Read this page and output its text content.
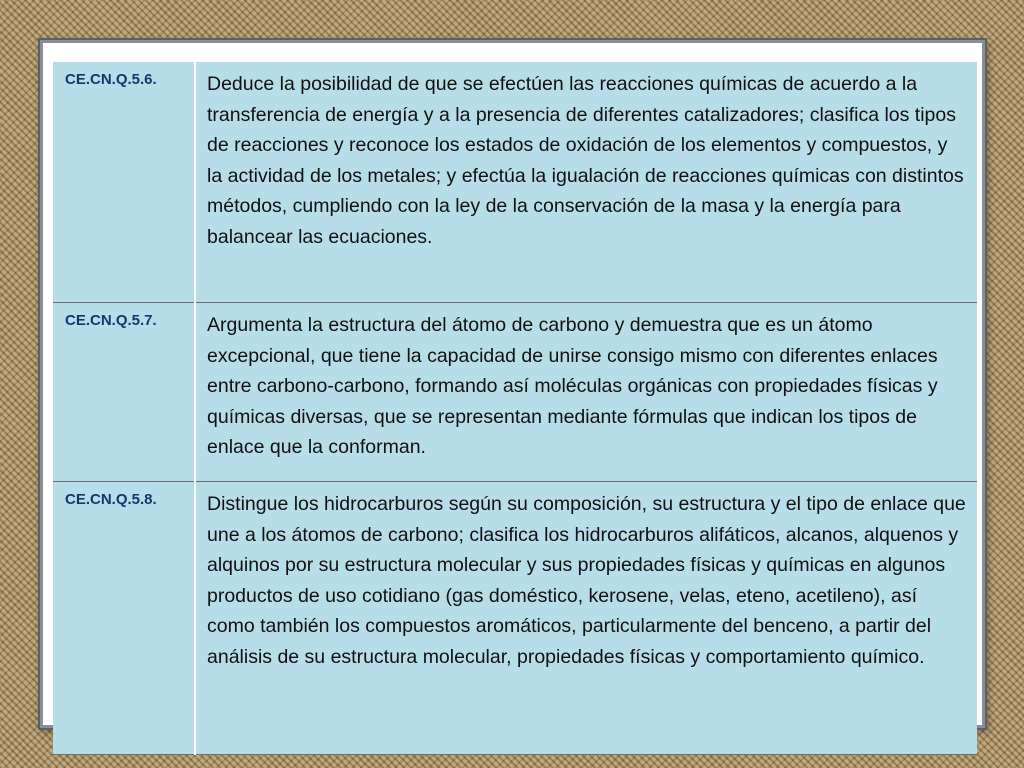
CE.CN.Q.5.6.	Deduce la posibilidad de que se efectúen las reacciones químicas de acuerdo a la transferencia de energía y a la presencia de diferentes catalizadores; clasifica los tipos de reacciones y reconoce los estados de oxidación de los elementos y compuestos, y la actividad de los metales; y efectúa la igualación de reacciones químicas con distintos métodos, cumpliendo con la ley de la conservación de la masa y la energía para balancear las ecuaciones.
CE.CN.Q.5.7.	Argumenta la estructura del átomo de carbono y demuestra que es un átomo excepcional, que tiene la capacidad de unirse consigo mismo con diferentes enlaces entre carbono-carbono, formando así moléculas orgánicas con propiedades físicas y químicas diversas, que se representan mediante fórmulas que indican los tipos de enlace que la conforman.
CE.CN.Q.5.8.	Distingue los hidrocarburos según su composición, su estructura y el tipo de enlace que une a los átomos de carbono; clasifica los hidrocarburos alifáticos, alcanos, alquenos y alquinos por su estructura molecular y sus propiedades físicas y químicas en algunos productos de uso cotidiano (gas doméstico, kerosene, velas, eteno, acetileno), así como también los compuestos aromáticos, particularmente del benceno, a partir del análisis de su estructura molecular, propiedades físicas y comportamiento químico.
